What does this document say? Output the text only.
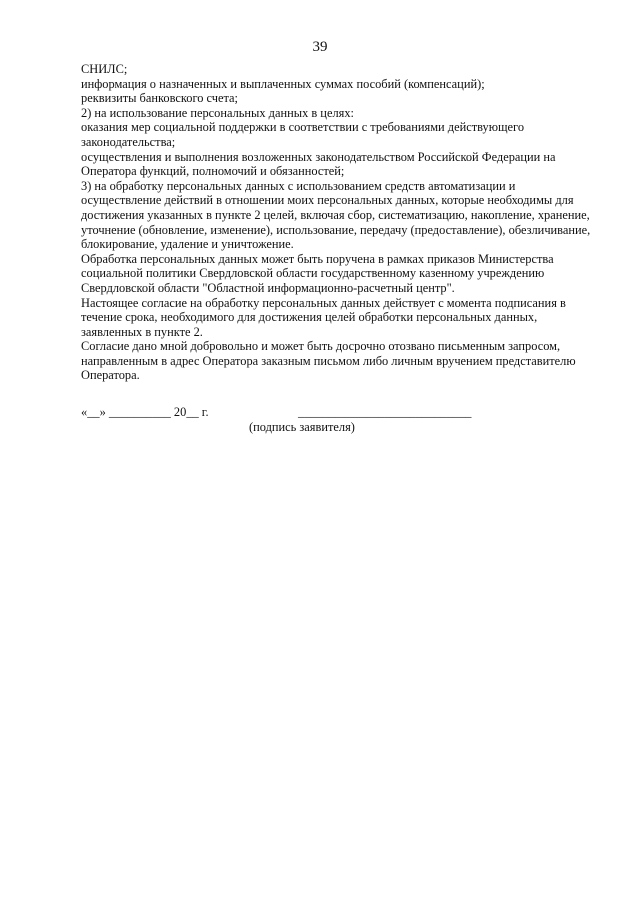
39
СНИЛС;
информация о назначенных и выплаченных суммах пособий (компенсаций);
реквизиты банковского счета;
2) на использование персональных данных в целях:
оказания мер социальной поддержки в соответствии с требованиями действующего
законодательства;
осуществления и выполнения возложенных законодательством Российской Федерации на
Оператора функций, полномочий и обязанностей;
3) на обработку персональных данных с использованием средств автоматизации и
осуществление действий в отношении моих персональных данных, которые необходимы для
достижения указанных в пункте 2 целей, включая сбор, систематизацию, накопление, хранение,
уточнение (обновление, изменение), использование, передачу (предоставление), обезличивание,
блокирование, удаление и уничтожение.
Обработка персональных данных может быть поручена в рамках приказов Министерства
социальной политики Свердловской области государственному казенному учреждению
Свердловской области "Областной информационно-расчетный центр".
Настоящее согласие на обработку персональных данных действует с момента подписания в
течение срока, необходимого для достижения целей обработки персональных данных,
заявленных в пункте 2.
Согласие дано мной добровольно и может быть досрочно отозвано письменным запросом,
направленным в адрес Оператора заказным письмом либо личным вручением представителю
Оператора.
«__» __________ 20__ г.	____________________________
(подпись заявителя)
